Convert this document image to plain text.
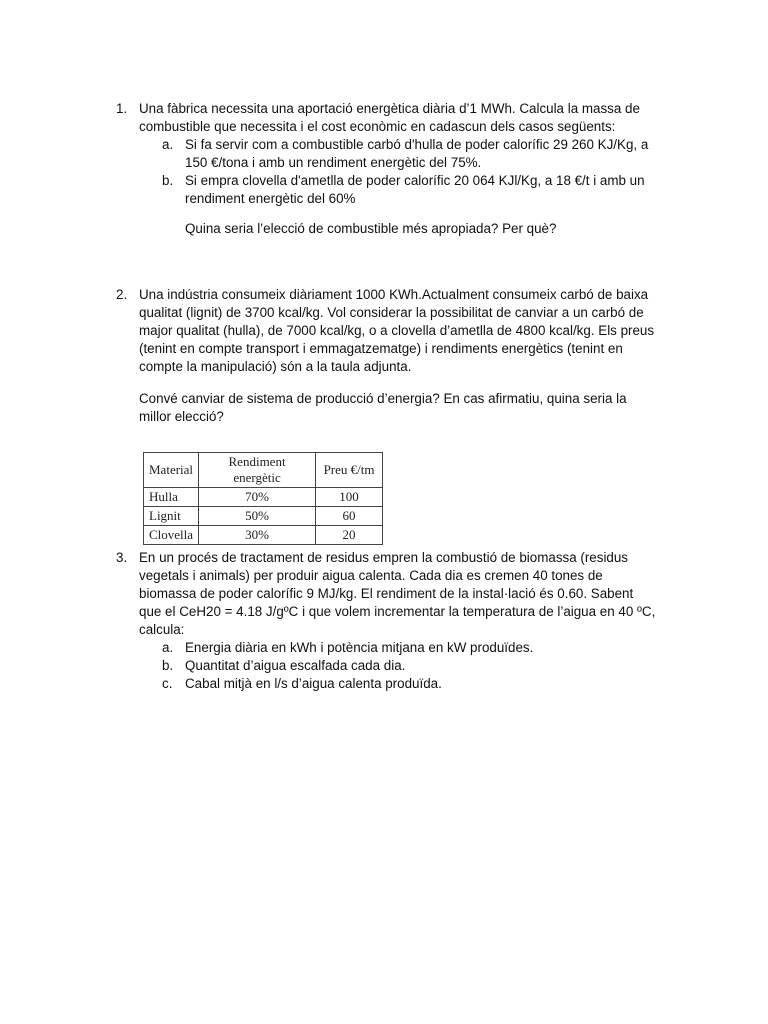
1. Una fàbrica necessita una aportació energètica diària d’1 MWh. Calcula la massa de combustible que necessita i el cost econòmic en cadascun dels casos següents:

a. Si fa servir com a combustible carbó d'hulla de poder calorífic 29 260 KJ/Kg, a 150 €/tona i amb un rendiment energètic del 75%.

b. Si empra clovella d'ametlla de poder calorífic 20 064 KJl/Kg, a 18 €/t i amb un rendiment energètic del 60%

Quina seria l’elecció de combustible més apropiada? Per què?

2. Una indústria consumeix diàriament 1000 KWh.Actualment consumeix carbó de baixa qualitat (lignit) de 3700 kcal/kg. Vol considerar la possibilitat de canviar a un carbó de major qualitat (hulla), de 7000 kcal/kg, o a clovella d’ametlla de 4800 kcal/kg. Els preus (tenint en compte transport i emmagatzematge) i rendiments energètics (tenint en compte la manipulació) són a la taula adjunta.

Convé canviar de sistema de producció d’energia? En cas afirmatiu, quina seria la millor elecció?

Material	Rendiment energètic	Preu €/tm
Hulla	70%	100
Lignit	50%	60
Clovella	30%	20
3. En un procés de tractament de residus empren la combustió de biomassa (residus vegetals i animals) per produir aigua calenta. Cada dia es cremen 40 tones de biomassa de poder calorífic 9 MJ/kg. El rendiment de la instal·lació és 0.60. Sabent que el CeH20 = 4.18 J/gºC i que volem incrementar la temperatura de l’aigua en 40 ºC, calcula:

a. Energia diària en kWh i potència mitjana en kW produïdes.

b. Quantitat d’aigua escalfada cada dia.

c. Cabal mitjà en l/s d’aigua calenta produïda.
